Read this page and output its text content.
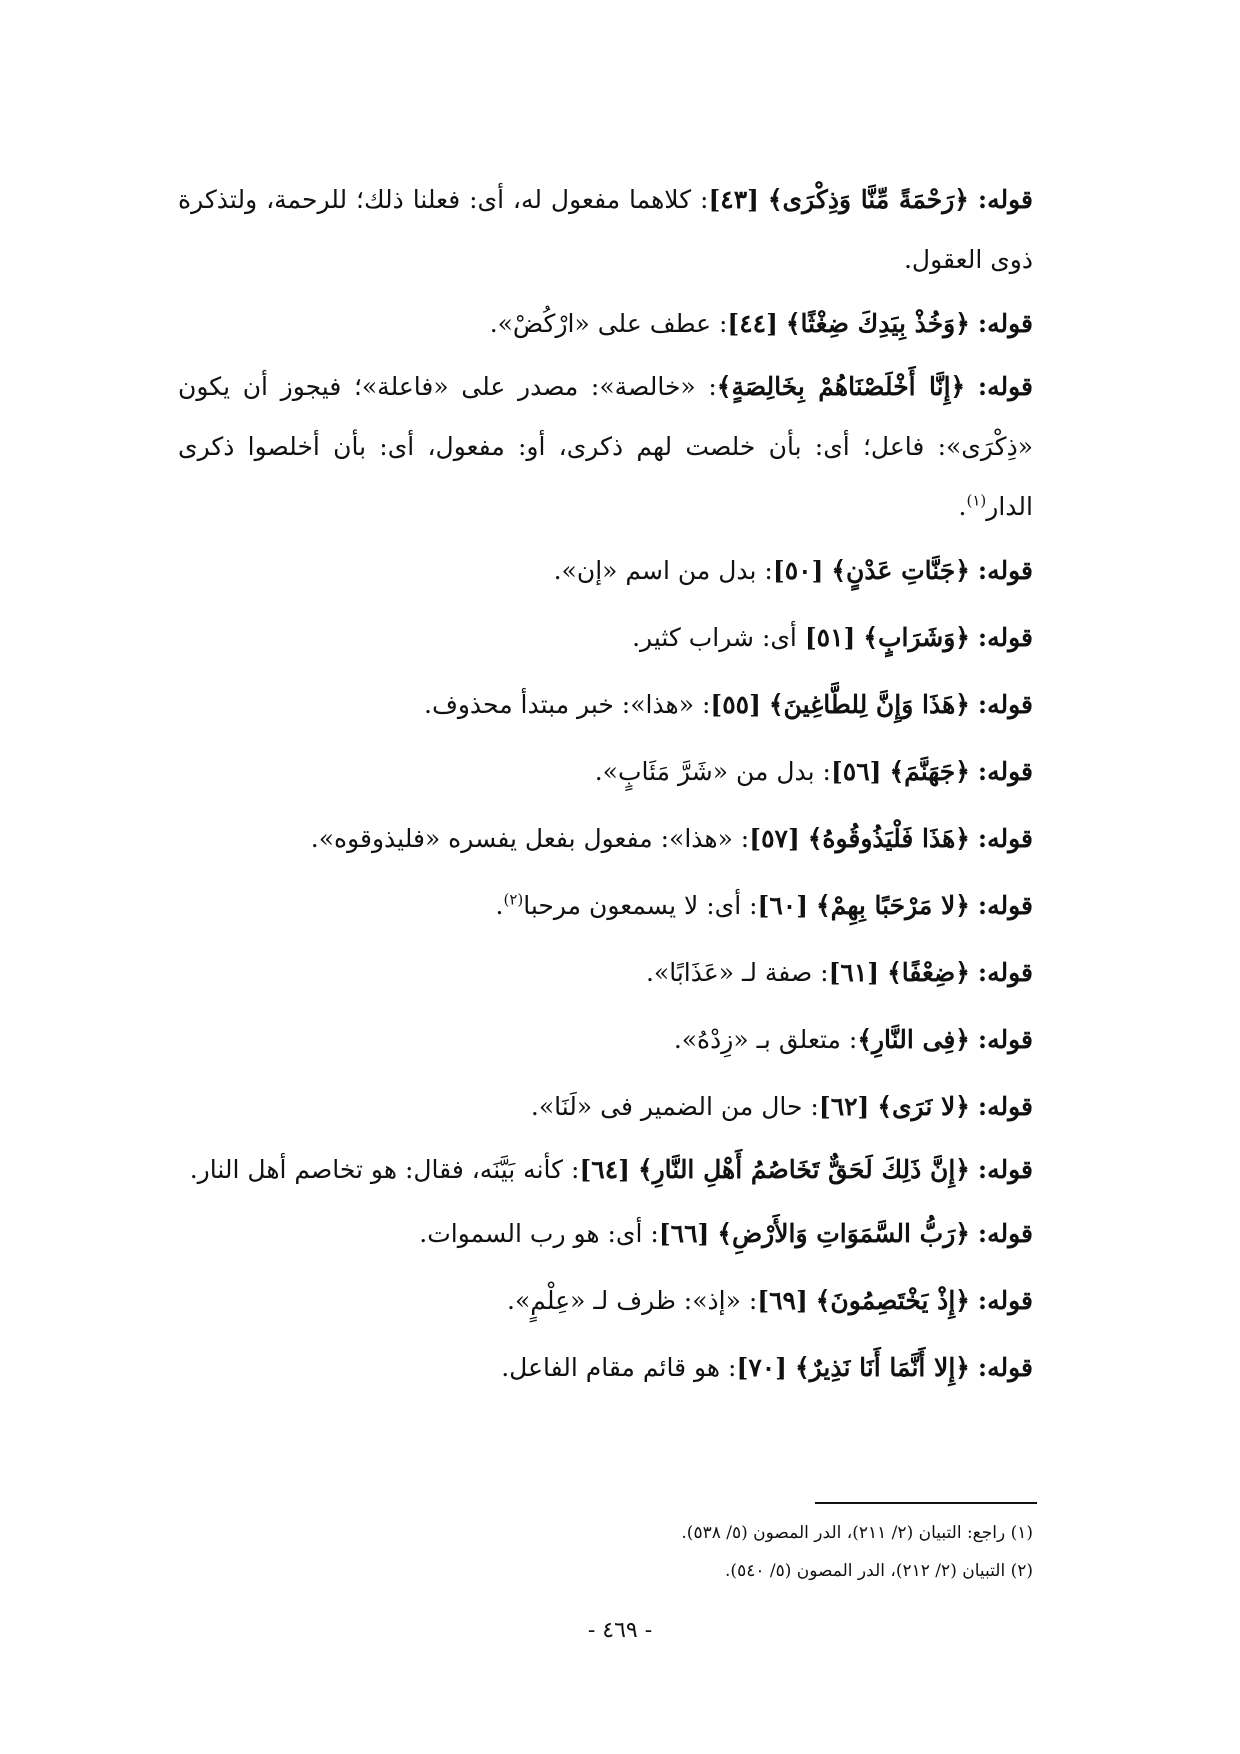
قوله: ﴿رَحْمَةً مِّنَّا وَذِكْرَى﴾ [٤٣]: كلاهما مفعول له، أى: فعلنا ذلك؛ للرحمة، ولتذكرة ذوى العقول.

قوله: ﴿وَخُذْ بِيَدِكَ ضِغْثًا﴾ [٤٤]: عطف على «ارْكُضْ».

قوله: ﴿إِنَّا أَخْلَصْنَاهُمْ بِخَالِصَةٍ﴾: «خالصة»: مصدر على «فاعلة»؛ فيجوز أن يكون «ذِكْرَى»: فاعل؛ أى: بأن خلصت لهم ذكرى، أو: مفعول، أى: بأن أخلصوا ذكرى الدار$^{(١)}$.

قوله: ﴿جَنَّاتِ عَدْنٍ﴾ [٥٠]: بدل من اسم «إن».

قوله: ﴿وَشَرَابٍ﴾ [٥١] أى: شراب كثير.

قوله: ﴿هَذَا وَإِنَّ لِلطَّاغِينَ﴾ [٥٥]: «هذا»: خبر مبتدأ محذوف.

قوله: ﴿جَهَنَّمَ﴾ [٥٦]: بدل من «شَرَّ مَئَابٍ».

قوله: ﴿هَذَا فَلْيَذُوقُوهُ﴾ [٥٧]: «هذا»: مفعول بفعل يفسره «فليذوقوه».

قوله: ﴿لا مَرْحَبًا بِهِمْ﴾ [٦٠]: أى: لا يسمعون مرحبا$^{(٢)}$.

قوله: ﴿ضِعْفًا﴾ [٦١]: صفة لـ «عَذَابًا».

قوله: ﴿فِى النَّارِ﴾: متعلق بـ «زِدْهُ».

قوله: ﴿لا نَرَى﴾ [٦٢]: حال من الضمير فى «لَنَا».

قوله: ﴿إِنَّ ذَلِكَ لَحَقٌّ تَخَاصُمُ أَهْلِ النَّارِ﴾ [٦٤]: كأنه بَيَّنَه، فقال: هو تخاصم أهل النار.

قوله: ﴿رَبُّ السَّمَوَاتِ وَالأَرْضِ﴾ [٦٦]: أى: هو رب السموات.

قوله: ﴿إِذْ يَخْتَصِمُونَ﴾ [٦٩]: «إذ»: ظرف لـ «عِلْمٍ».

قوله: ﴿إِلا أَنَّمَا أَنَا نَذِيرٌ﴾ [٧٠]: هو قائم مقام الفاعل.

(١) راجع: التبيان (٢/ ٢١١)، الدر المصون (٥/ ٥٣٨).

(٢) التبيان (٢/ ٢١٢)، الدر المصون (٥/ ٥٤٠).

- ٤٦٩ -
